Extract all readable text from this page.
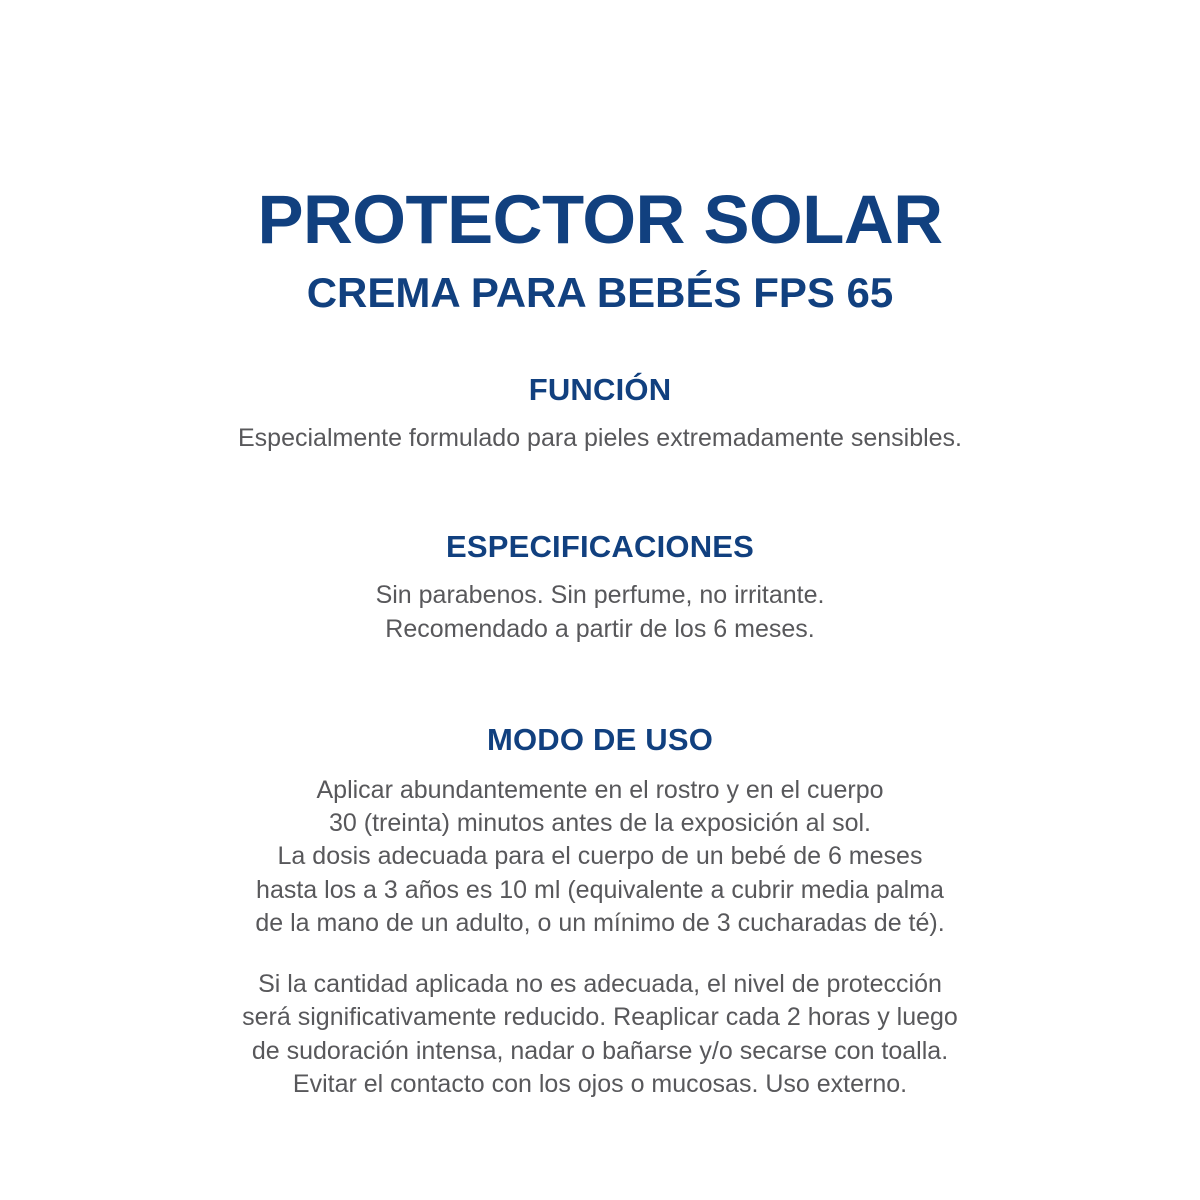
PROTECTOR SOLAR
CREMA PARA BEBÉS FPS 65
FUNCIÓN

Especialmente formulado para pieles extremadamente sensibles.

ESPECIFICACIONES

Sin parabenos. Sin perfume, no irritante.
Recomendado a partir de los 6 meses.

MODO DE USO

Aplicar abundantemente en el rostro y en el cuerpo
30 (treinta) minutos antes de la exposición al sol.
La dosis adecuada para el cuerpo de un bebé de 6 meses
hasta los a 3 años es 10 ml (equivalente a cubrir media palma
de la mano de un adulto, o un mínimo de 3 cucharadas de té).

Si la cantidad aplicada no es adecuada, el nivel de protección
será significativamente reducido. Reaplicar cada 2 horas y luego
de sudoración intensa, nadar o bañarse y/o secarse con toalla.
Evitar el contacto con los ojos o mucosas. Uso externo.
